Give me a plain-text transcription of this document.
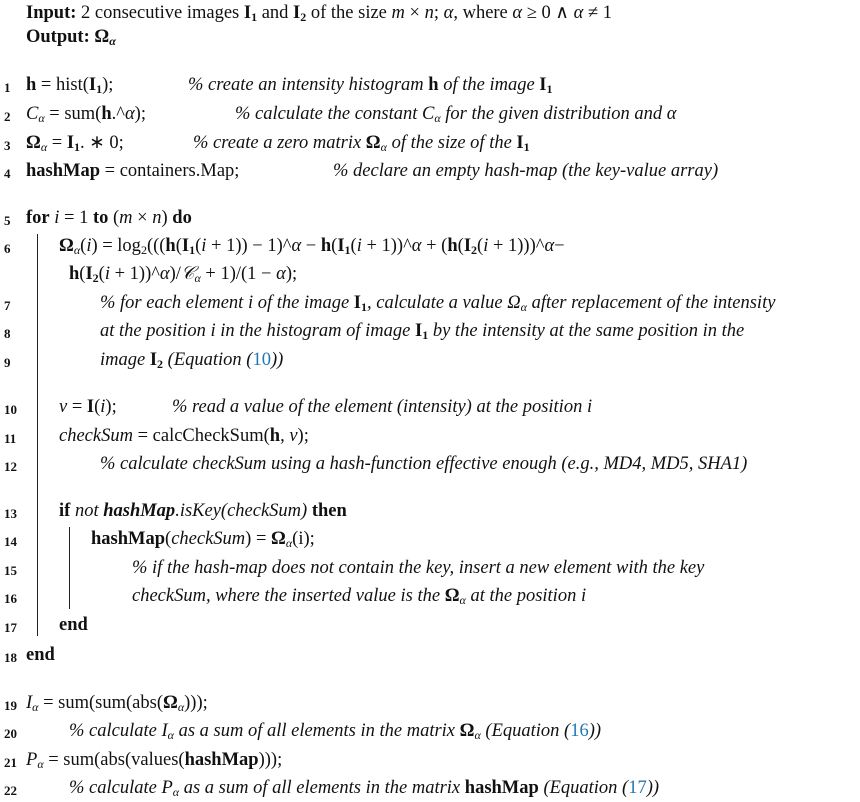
Input: 2 consecutive images $I_1$ and $I_2$ of the size m × n; α, where α ≥ 0 ∧ α ≠ 1
Output: $\Omega_\alpha$
1 $h = hist(I_1)$;	% create an intensity histogram h of the image $I_1$
2 $C_\alpha$ = sum(h.^α);	% calculate the constant $C_\alpha$ for the given distribution and α
3 $\Omega_\alpha = I_1$. ∗ 0;	% create a zero matrix $\Omega_\alpha$ of the size of the $I_1$
4 hashMap = containers.Map;	% declare an empty hash-map (the key-value array)
5 for i = 1 to (m × n) do
6	$\Omega_\alpha(i) = \log_2(((h(I_1(i + 1))$ − 1)^α − $h(I_1(i$ + 1))^α + ($h(I_2(i$ + 1)))^α−
$h(I_2(i$ + 1))^α)/𝒞$_\alpha$ + 1)/(1 − α);
7	% for each element i of the image $I_1$, calculate a value $\Omega_\alpha$ after replacement of the intensity
8	at the position i in the histogram of image $I_1$ by the intensity at the same position in the
9	image $I_2$ (Equation (10))
10	v = I(i);	% read a value of the element (intensity) at the position i
11	checkSum = calcCheckSum(h, v);
12	% calculate checkSum using a hash-function effective enough (e.g., MD4, MD5, SHA1)
13	if not hashMap.isKey(checkSum) then
14	hashMap(checkSum) = $\Omega_\alpha(i)$;
15	% if the hash-map does not contain the key, insert a new element with the key
16	checkSum, where the inserted value is the $\Omega_\alpha$ at the position i
17	end
18 end
19 $I_\alpha = sum(sum(abs(\Omega_\alpha)))$;
20	% calculate $I_\alpha$ as a sum of all elements in the matrix $\Omega_\alpha$ (Equation (16))
21 $P_\alpha$ = sum(abs(values(hashMap)));
22	% calculate $P_\alpha$ as a sum of all elements in the matrix hashMap (Equation (17))
